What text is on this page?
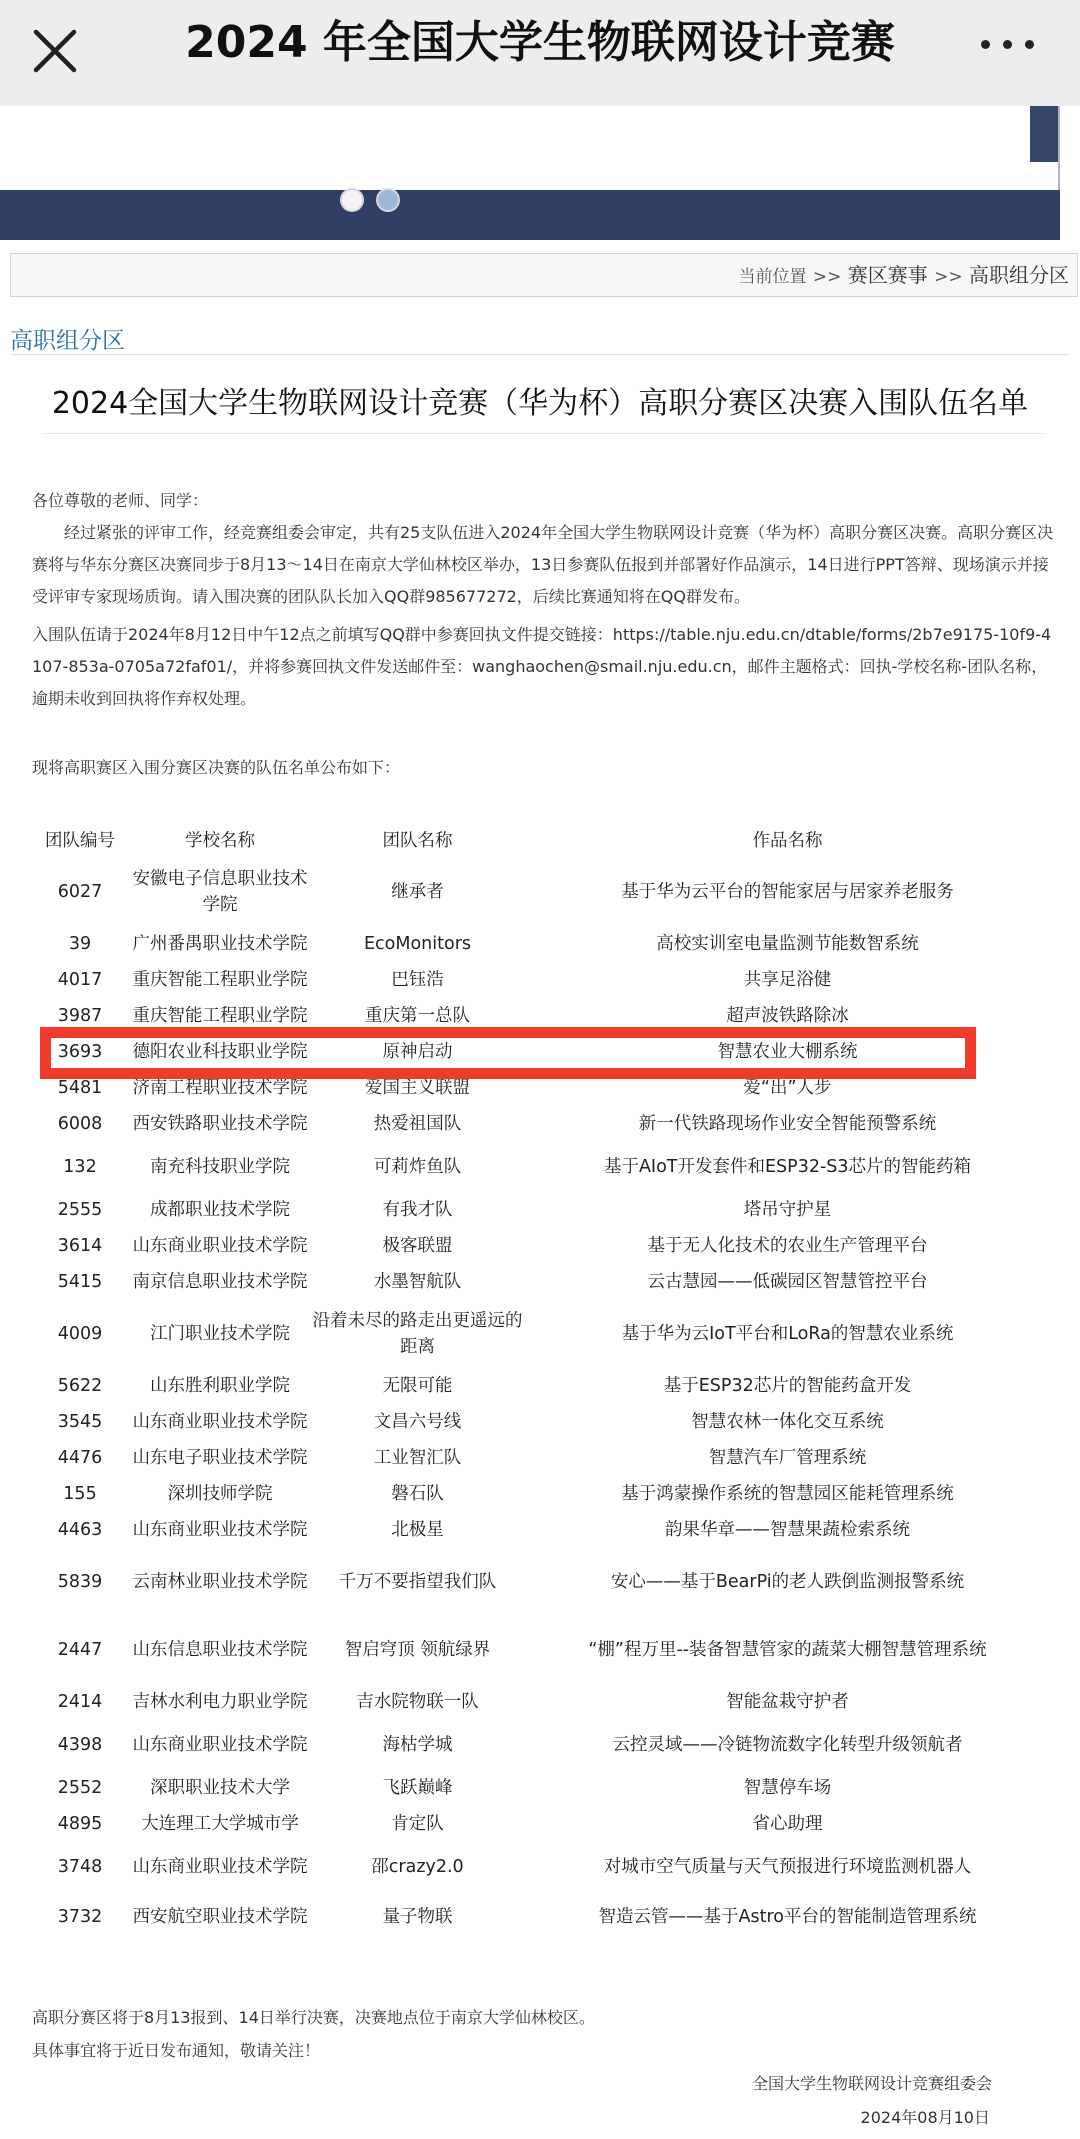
2024 年全国大学生物联网设计竞赛
当前位置 >> 赛区赛事 >> 高职组分区
高职组分区
2024全国大学生物联网设计竞赛（华为杯）高职分赛区决赛入围队伍名单
各位尊敬的老师、同学：
经过紧张的评审工作，经竞赛组委会审定，共有25支队伍进入2024年全国大学生物联网设计竞赛（华为杯）高职分赛区决赛。高职分赛区决赛将与华东分赛区决赛同步于8月13～14日在南京大学仙林校区举办，13日参赛队伍报到并部署好作品演示，14日进行PPT答辩、现场演示并接受评审专家现场质询。请入围决赛的团队队长加入QQ群985677272，后续比赛通知将在QQ群发布。
入围队伍请于2024年8月12日中午12点之前填写QQ群中参赛回执文件提交链接：https://table.nju.edu.cn/dtable/forms/2b7e9175-10f9-4107-853a-0705a72faf01/，并将参赛回执文件发送邮件至：wanghaochen@smail.nju.edu.cn，邮件主题格式：回执-学校名称-团队名称，逾期未收到回执将作弃权处理。
现将高职赛区入围分赛区决赛的队伍名单公布如下：
团队编号	学校名称	团队名称	作品名称
6027	安徽电子信息职业技术学院	继承者	基于华为云平台的智能家居与居家养老服务
39	广州番禺职业技术学院	EcoMonitors	高校实训室电量监测节能数智系统
4017	重庆智能工程职业学院	巴钰浩	共享足浴健
3987	重庆智能工程职业学院	重庆第一总队	超声波铁路除冰
3693	德阳农业科技职业学院	原神启动	智慧农业大棚系统
5481	济南工程职业技术学院	爱国主义联盟	爱“出”人步
6008	西安铁路职业技术学院	热爱祖国队	新一代铁路现场作业安全智能预警系统
132	南充科技职业学院	可莉炸鱼队	基于AIoT开发套件和ESP32-S3芯片的智能药箱
2555	成都职业技术学院	有我才队	塔吊守护星
3614	山东商业职业技术学院	极客联盟	基于无人化技术的农业生产管理平台
5415	南京信息职业技术学院	水墨智航队	云古慧园——低碳园区智慧管控平台
4009	江门职业技术学院	沿着未尽的路走出更遥远的距离	基于华为云IoT平台和LoRa的智慧农业系统
5622	山东胜利职业学院	无限可能	基于ESP32芯片的智能药盒开发
3545	山东商业职业技术学院	文昌六号线	智慧农林一体化交互系统
4476	山东电子职业技术学院	工业智汇队	智慧汽车厂管理系统
155	深圳技师学院	磐石队	基于鸿蒙操作系统的智慧园区能耗管理系统
4463	山东商业职业技术学院	北极星	韵果华章——智慧果蔬检索系统
5839	云南林业职业技术学院	千万不要指望我们队	安心——基于BearPi的老人跌倒监测报警系统
2447	山东信息职业技术学院	智启穹顶 领航绿界	“棚”程万里--装备智慧管家的蔬菜大棚智慧管理系统
2414	吉林水利电力职业学院	吉水院物联一队	智能盆栽守护者
4398	山东商业职业技术学院	海枯学城	云控灵域——冷链物流数字化转型升级领航者
2552	深职职业技术大学	飞跃巅峰	智慧停车场
4895	大连理工大学城市学	肯定队	省心助理
3748	山东商业职业技术学院	邵crazy2.0	对城市空气质量与天气预报进行环境监测机器人
3732	西安航空职业技术学院	量子物联	智造云管——基于Astro平台的智能制造管理系统
高职分赛区将于8月13报到、14日举行决赛，决赛地点位于南京大学仙林校区。
具体事宜将于近日发布通知，敬请关注！
全国大学生物联网设计竞赛组委会
2024年08月10日
